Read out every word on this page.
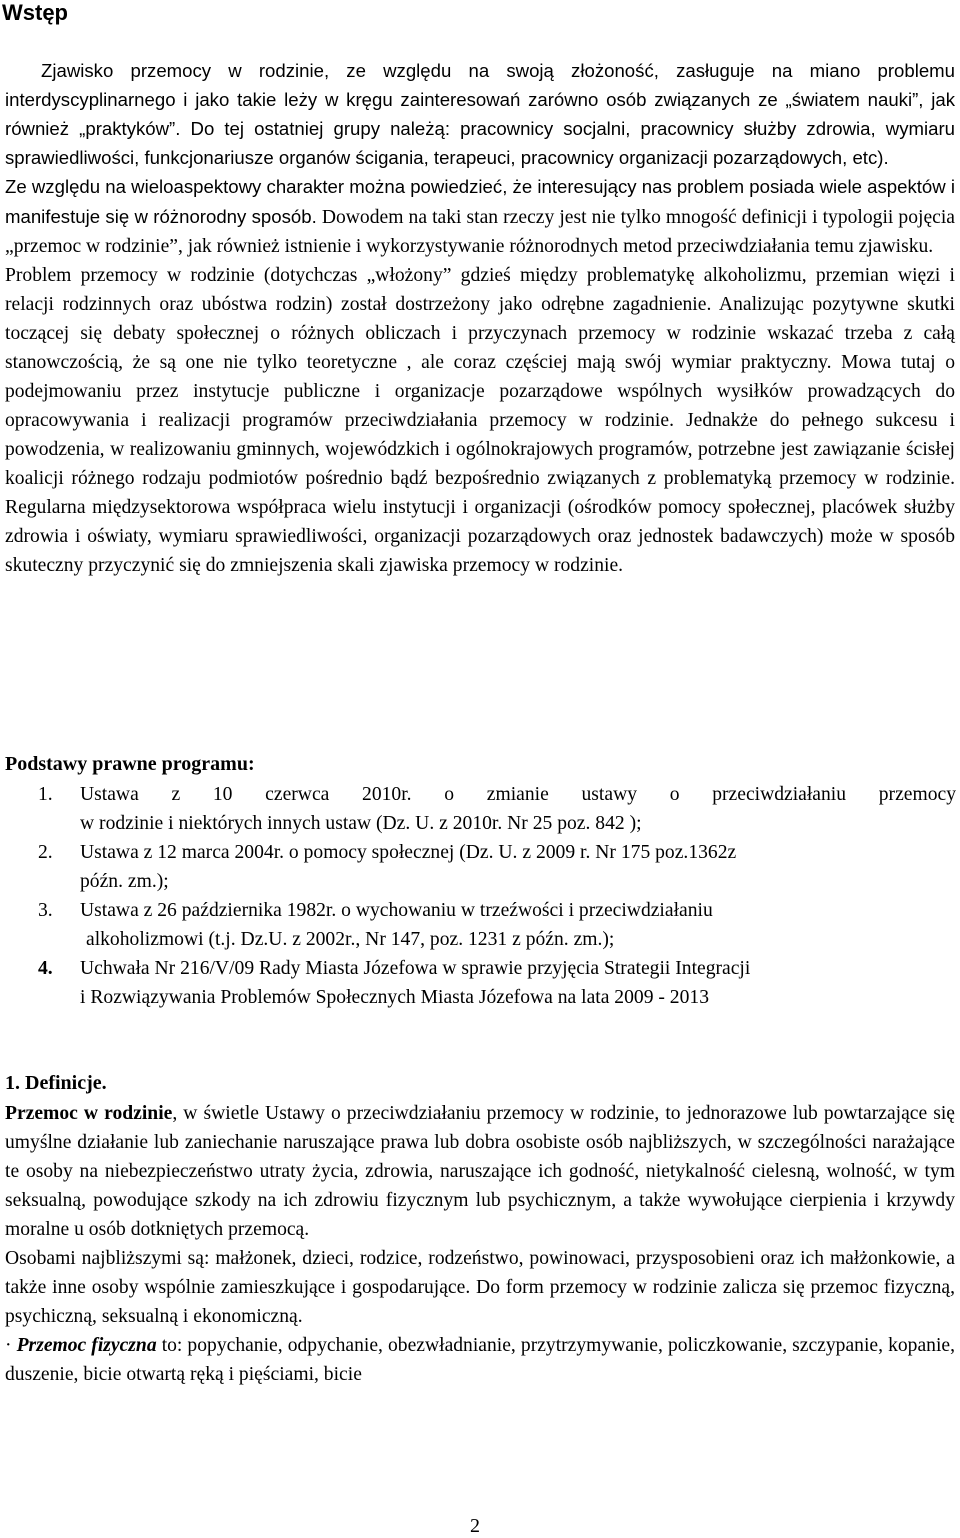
Wstęp

Zjawisko przemocy w rodzinie, ze względu na swoją złożoność, zasługuje na miano problemu interdyscyplinarnego i jako takie leży w kręgu zainteresowań zarówno osób związanych ze „światem nauki”, jak również „praktyków”. Do tej ostatniej grupy należą: pracownicy socjalni, pracownicy służby zdrowia, wymiaru sprawiedliwości, funkcjonariusze organów ścigania, terapeuci, pracownicy organizacji pozarządowych, etc).

Ze względu na wieloaspektowy charakter można powiedzieć, że interesujący nas problem posiada wiele aspektów i manifestuje się w różnorodny sposób. Dowodem na taki stan rzeczy jest nie tylko mnogość definicji i typologii pojęcia „przemoc w rodzinie”, jak również istnienie i wykorzystywanie różnorodnych metod przeciwdziałania temu zjawisku.

Problem przemocy w rodzinie (dotychczas „włożony” gdzieś między problematykę alkoholizmu, przemian więzi i relacji rodzinnych oraz ubóstwa rodzin) został dostrzeżony jako odrębne zagadnienie. Analizując pozytywne skutki toczącej się debaty społecznej o różnych obliczach i przyczynach przemocy w rodzinie wskazać trzeba z całą stanowczością, że są one nie tylko teoretyczne , ale coraz częściej mają swój wymiar praktyczny. Mowa tutaj o podejmowaniu przez instytucje publiczne i organizacje pozarządowe wspólnych wysiłków prowadzących do opracowywania i realizacji programów przeciwdziałania przemocy w rodzinie. Jednakże do pełnego sukcesu i powodzenia, w realizowaniu gminnych, wojewódzkich i ogólnokrajowych programów, potrzebne jest zawiązanie ścisłej koalicji różnego rodzaju podmiotów pośrednio bądź bezpośrednio związanych z problematyką przemocy w rodzinie. Regularna międzysektorowa współpraca wielu instytucji i organizacji (ośrodków pomocy społecznej, placówek służby zdrowia i oświaty, wymiaru sprawiedliwości, organizacji pozarządowych oraz jednostek badawczych) może w sposób skuteczny przyczynić się do zmniejszenia skali zjawiska przemocy w rodzinie.

Podstawy prawne programu:
1. Ustawa z 10 czerwca 2010r. o zmianie ustawy o przeciwdziałaniu przemocy
w rodzinie i niektórych innych ustaw (Dz. U. z 2010r. Nr 25 poz. 842 );
2. Ustawa z 12 marca 2004r. o pomocy społecznej (Dz. U. z 2009 r. Nr 175 poz.1362z
późn. zm.);
3. Ustawa z 26 października 1982r. o wychowaniu w trzeźwości i przeciwdziałaniu
alkoholizmowi (t.j. Dz.U. z 2002r., Nr 147, poz. 1231 z późn. zm.);
4. Uchwała Nr 216/V/09 Rady Miasta Józefowa w sprawie przyjęcia Strategii Integracji
i Rozwiązywania Problemów Społecznych Miasta Józefowa na lata 2009 - 2013
1. Definicje.

Przemoc w rodzinie, w świetle Ustawy o przeciwdziałaniu przemocy w rodzinie, to jednorazowe lub powtarzające się umyślne działanie lub zaniechanie naruszające prawa lub dobra osobiste osób najbliższych, w szczególności narażające te osoby na niebezpieczeństwo utraty życia, zdrowia, naruszające ich godność, nietykalność cielesną, wolność, w tym seksualną, powodujące szkody na ich zdrowiu fizycznym lub psychicznym, a także wywołujące cierpienia i krzywdy moralne u osób dotkniętych przemocą.

Osobami najbliższymi są: małżonek, dzieci, rodzice, rodzeństwo, powinowaci, przysposobieni oraz ich małżonkowie, a także inne osoby wspólnie zamieszkujące i gospodarujące. Do form przemocy w rodzinie zalicza się przemoc fizyczną, psychiczną, seksualną i ekonomiczną.

· Przemoc fizyczna to: popychanie, odpychanie, obezwładnianie, przytrzymywanie, policzkowanie, szczypanie, kopanie, duszenie, bicie otwartą ręką i pięściami, bicie

2
